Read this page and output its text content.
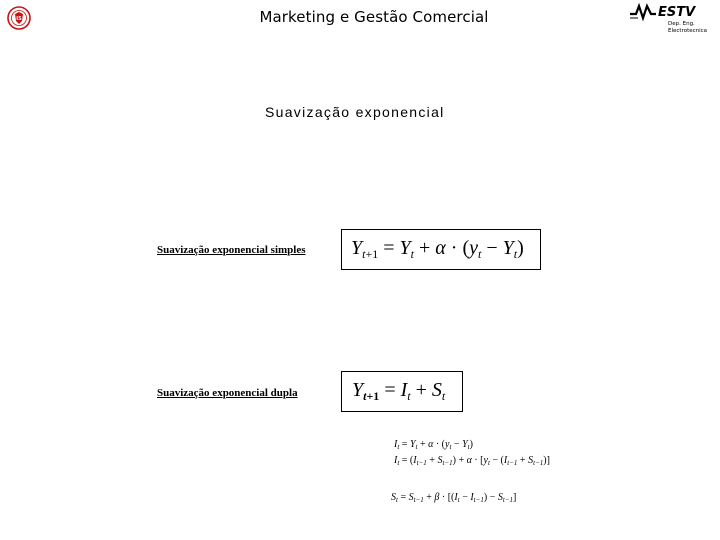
IS	Marketing e Gestão Comercial	ESTV
Dep. Eng.
Electrotecnica
Suavização exponencial
Suavização exponencial simples
Suavização exponencial dupla
$Y_{t+1} = Y_t + \alpha \cdot (y_t - Y_t)$
$Y_{t+1} = I_t + S_t$
$I_t = Y_t + \alpha \cdot (y_t - Y_t)$
$I_t = (I_{t-1} + S_{t-1}) + \alpha \cdot [y_t - (I_{t-1} + S_{t-1})]$
$S_t = S_{t-1} + \beta \cdot [(I_t - I_{t-1}) - S_{t-1}]$
